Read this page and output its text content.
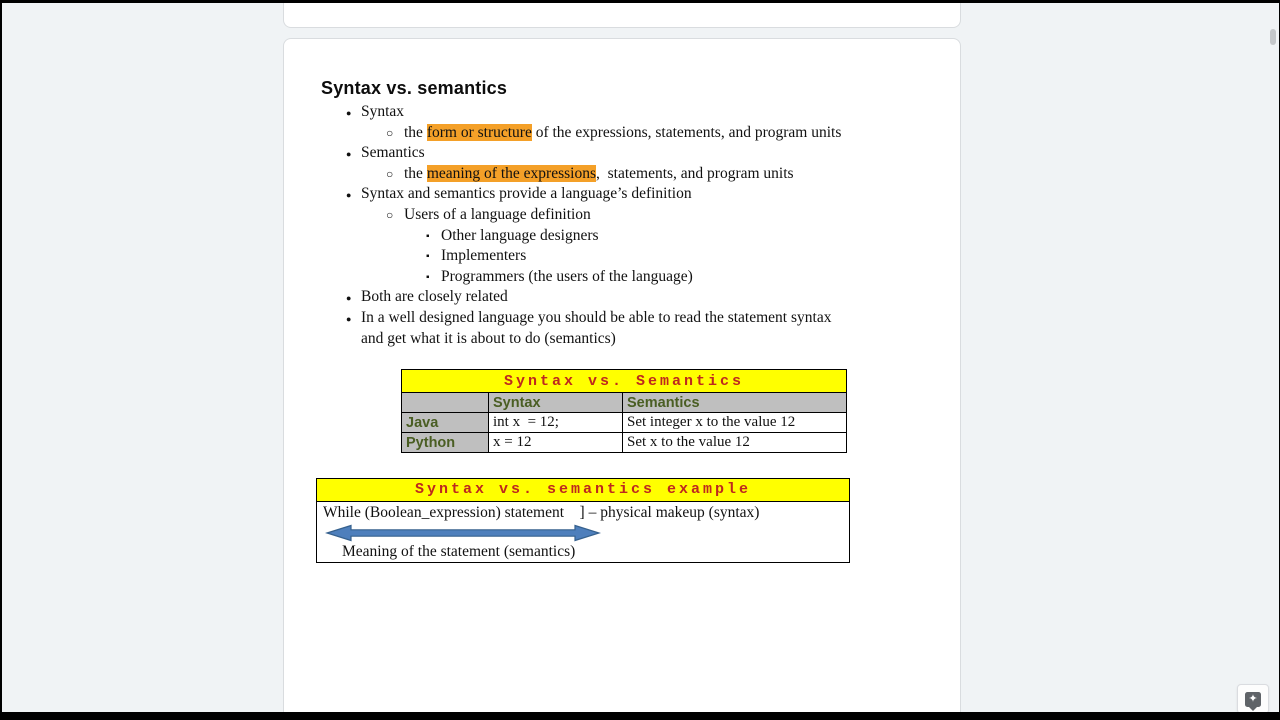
Syntax vs. semantics
● Syntax
○ the form or structure of the expressions, statements, and program units
● Semantics
○ the meaning of the expressions,  statements, and program units
● Syntax and semantics provide a language’s definition
○ Users of a language definition
▪ Other language designers
▪ Implementers
▪ Programmers (the users of the language)
● Both are closely related
● In a well designed language you should be able to read the statement syntax
and get what it is about to do (semantics)
Syntax vs. Semantics		
	Syntax	Semantics
Java	int x  = 12;	Set integer x to the value 12
Python	x = 12	Set x to the value 12
Syntax vs. semantics example
While (Boolean_expression) statement    ] – physical makeup (syntax)
Meaning of the statement (semantics)
✦
